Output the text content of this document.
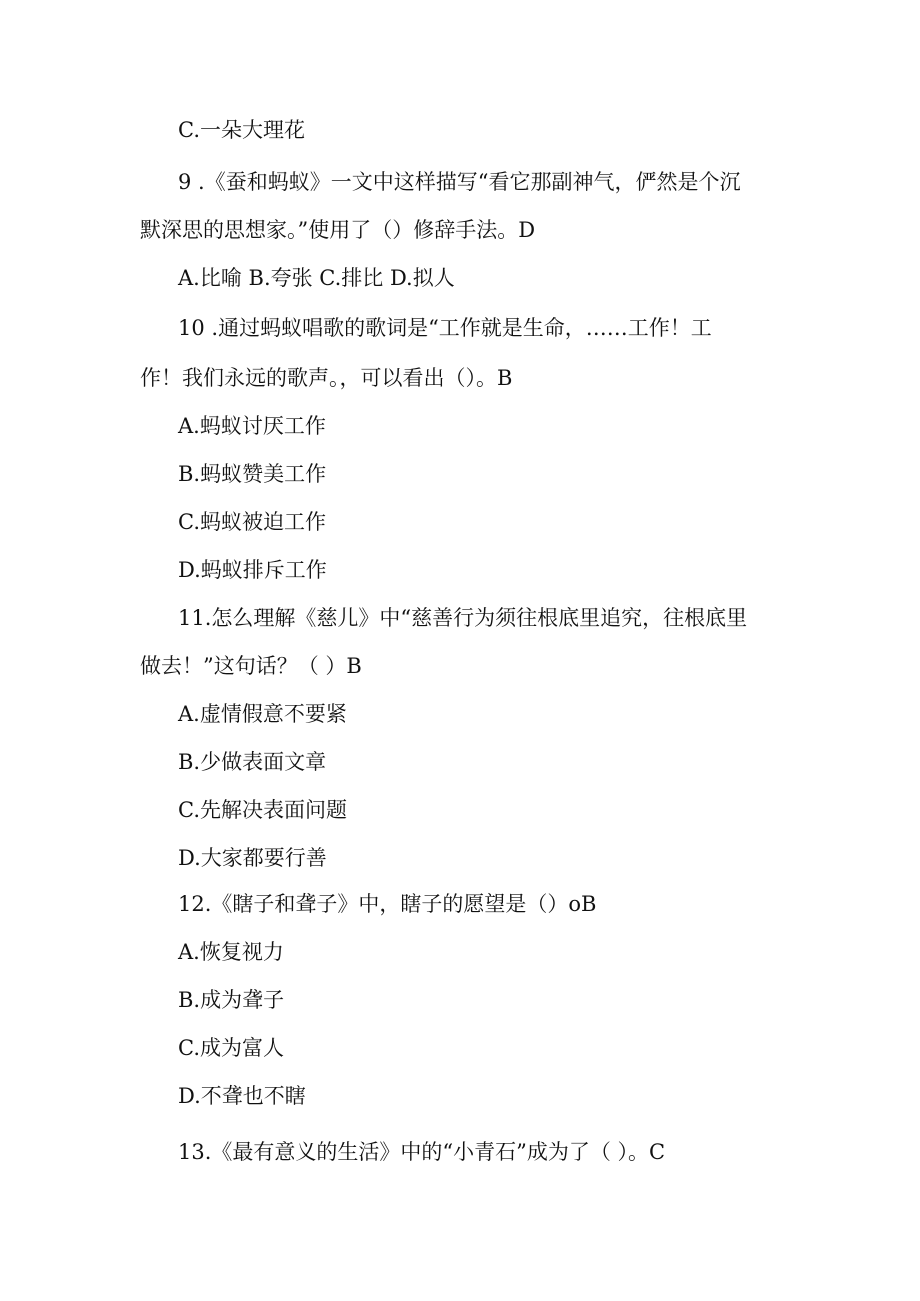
C.一朵大理花
9 .《蚕和蚂蚁》一文中这样描写“看它那副神气，俨然是个沉
默深思的思想家。”使用了（）修辞手法。D
A.比喻 B.夸张 C.排比 D.拟人
10 .通过蚂蚁唱歌的歌词是“工作就是生命，……工作！工
作！我们永远的歌声。，可以看出（）。B
A.蚂蚁讨厌工作
B.蚂蚁赞美工作
C.蚂蚁被迫工作
D.蚂蚁排斥工作
11.怎么理解《慈儿》中“慈善行为须往根底里追究，往根底里
做去！”这句话？（ ）B
A.虚情假意不要紧
B.少做表面文章
C.先解决表面问题
D.大家都要行善
12.《瞎子和聋子》中，瞎子的愿望是（）oB
A.恢复视力
B.成为聋子
C.成为富人
D.不聋也不瞎
13.《最有意义的生活》中的“小青石”成为了（ ）。C
